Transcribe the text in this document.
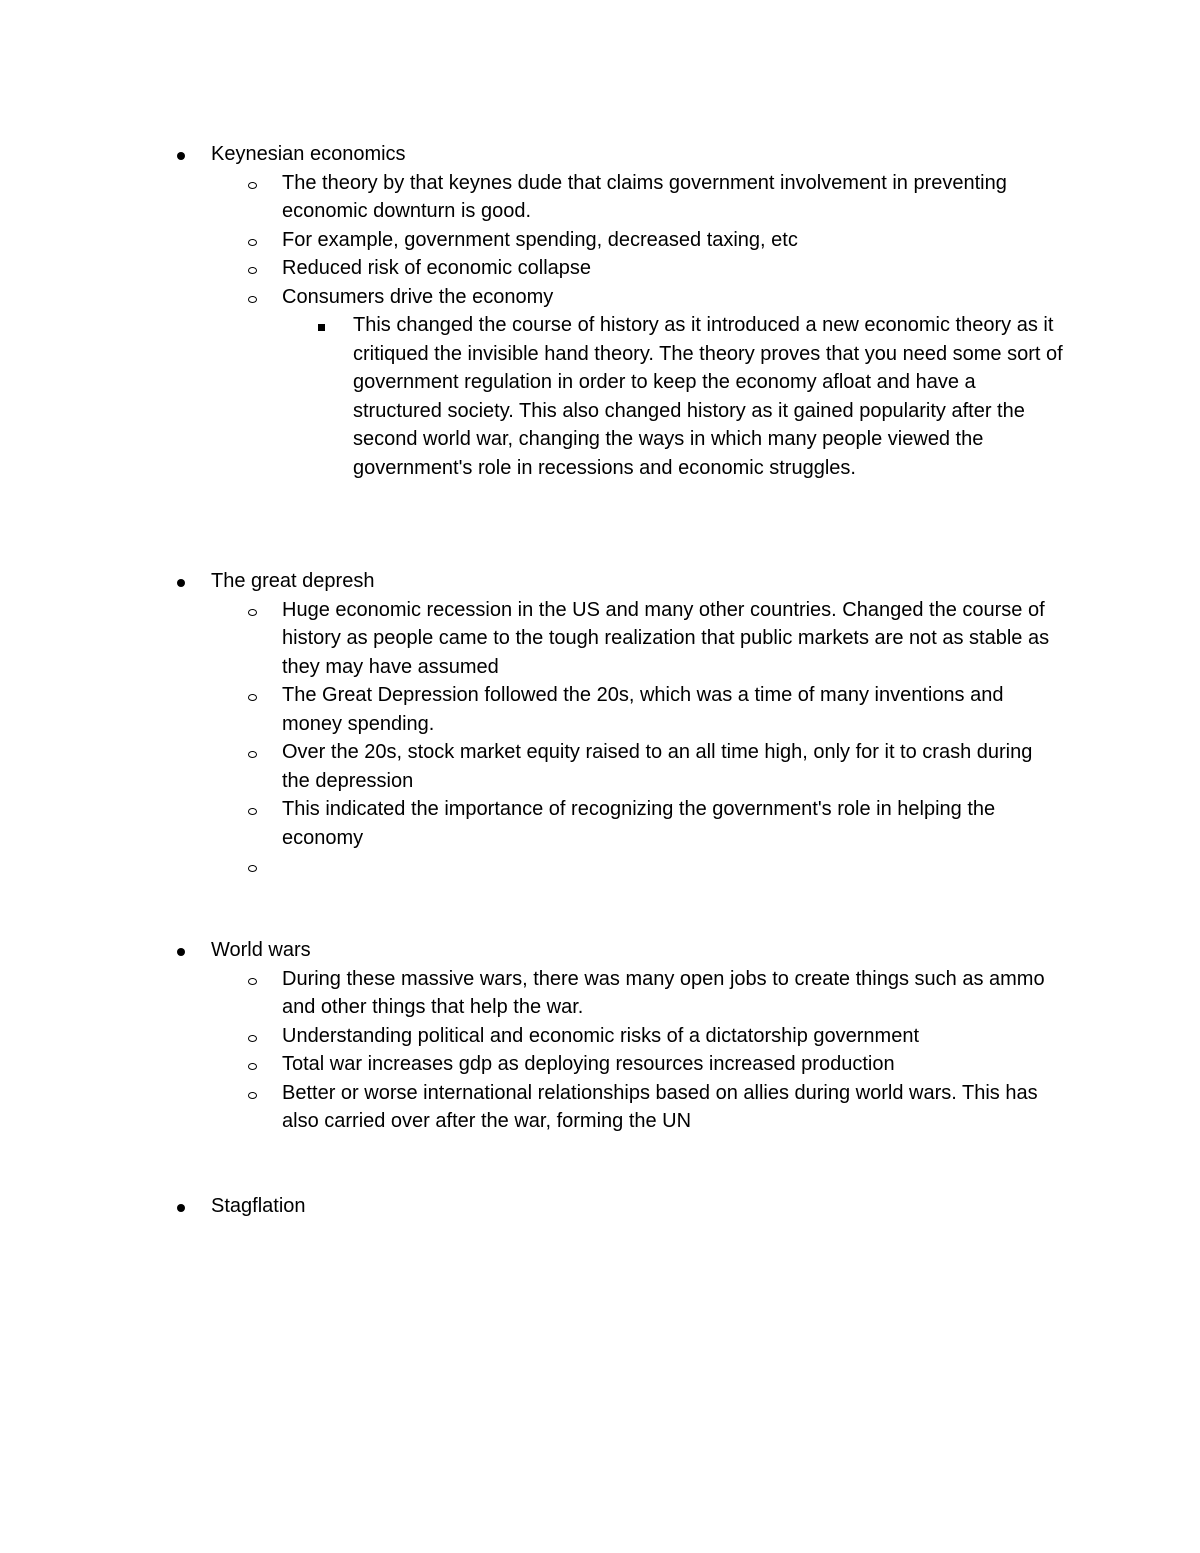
Keynesian economics
The theory by that keynes dude that claims government involvement in preventing economic downturn is good.
For example, government spending, decreased taxing, etc
Reduced risk of economic collapse
Consumers drive the economy
This changed the course of history as it introduced a new economic theory as it critiqued the invisible hand theory. The theory proves that you need some sort of government regulation in order to keep the economy afloat and have a structured society. This also changed history as it gained popularity after the second world war, changing the ways in which many people viewed the government's role in recessions and economic struggles.
The great depresh
Huge economic recession in the US and many other countries. Changed the course of history as people came to the tough realization that public markets are not as stable as they may have assumed
The Great Depression followed the 20s, which was a time of many inventions and money spending.
Over the 20s, stock market equity raised to an all time high, only for it to crash during the depression
This indicated the importance of recognizing the government's role in helping the economy
World wars
During these massive wars, there was many open jobs to create things such as ammo and other things that help the war.
Understanding political and economic risks of a dictatorship government
Total war increases gdp as deploying resources increased production
Better or worse international relationships based on allies during world wars. This has also carried over after the war, forming the UN
Stagflation
